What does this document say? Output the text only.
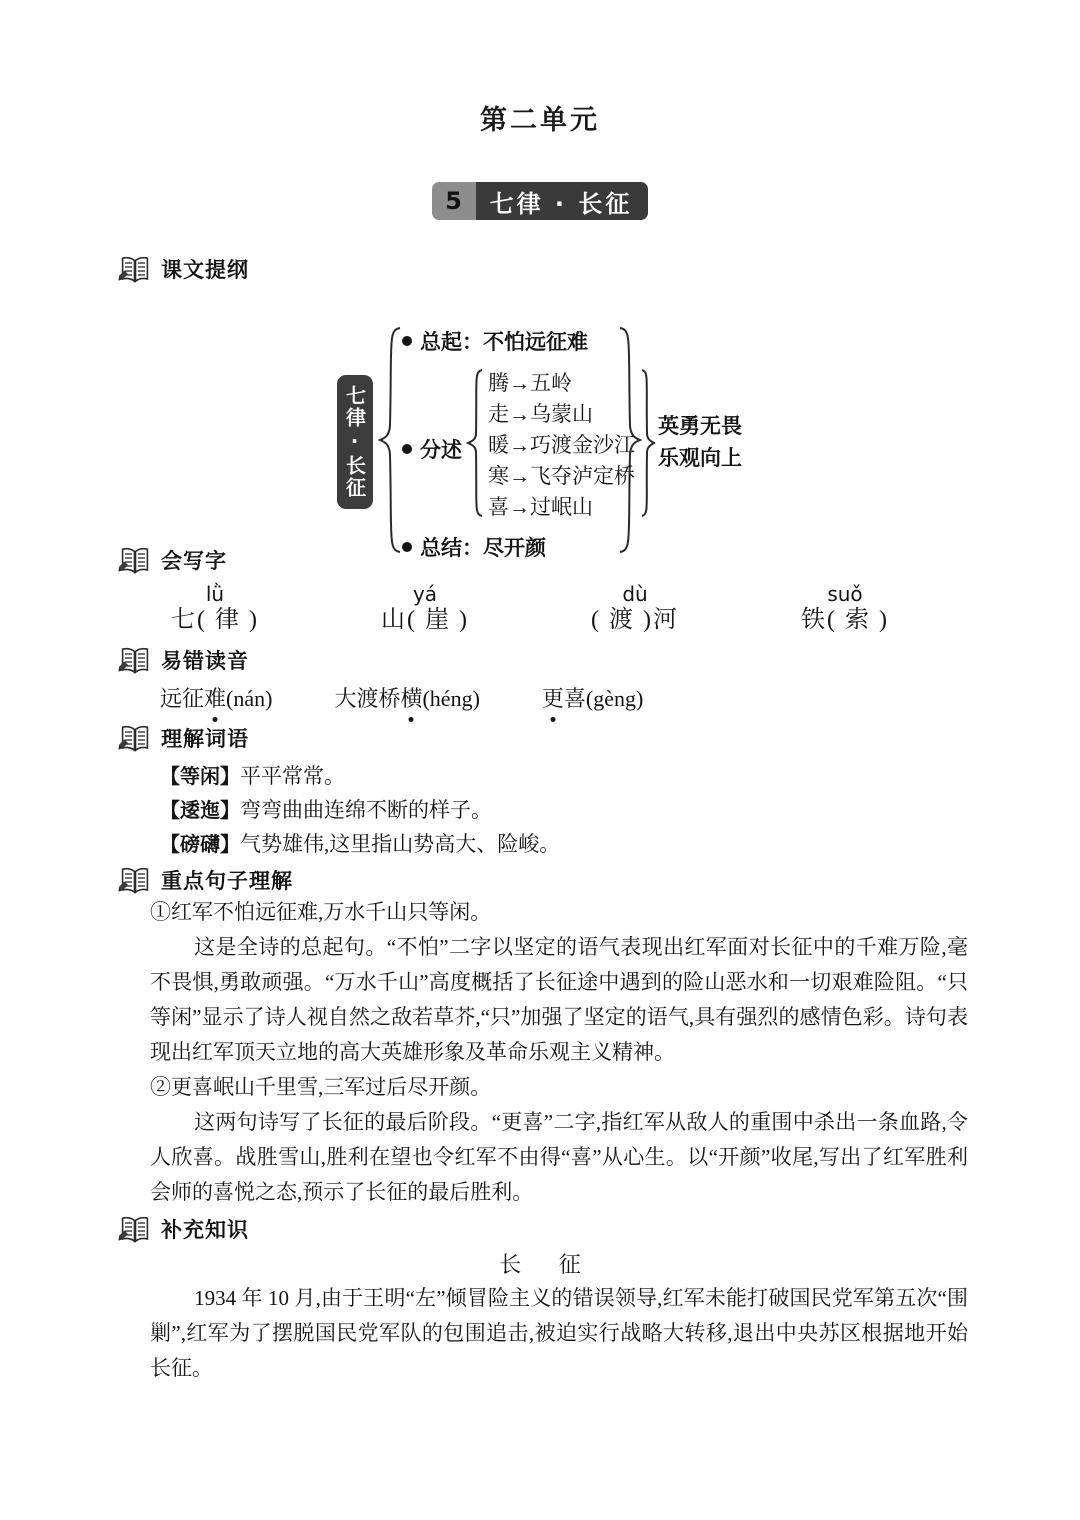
第二单元
5	七律 · 长征
课文提纲
七律·长征
总起：不怕远征难
分述
总结：尽开颜
腾→五岭
走→乌蒙山
暖→巧渡金沙江
寒→飞夺泸定桥
喜→过岷山
英勇无畏
乐观向上
会写字
lǜ
七( 律 )
yá
山( 崖 )
dù
( 渡 )河
suǒ
铁( 索 )
易错读音
远征难(nán)	大渡桥横(héng)	更喜(gèng)
理解词语
【等闲】平平常常。
【逶迤】弯弯曲曲连绵不断的样子。
【磅礴】气势雄伟,这里指山势高大、险峻。
重点句子理解
①红军不怕远征难,万水千山只等闲。
这是全诗的总起句。“不怕”二字以坚定的语气表现出红军面对长征中的千难万险,毫不畏惧,勇敢顽强。“万水千山”高度概括了长征途中遇到的险山恶水和一切艰难险阻。“只等闲”显示了诗人视自然之敌若草芥,“只”加强了坚定的语气,具有强烈的感情色彩。诗句表现出红军顶天立地的高大英雄形象及革命乐观主义精神。
②更喜岷山千里雪,三军过后尽开颜。
这两句诗写了长征的最后阶段。“更喜”二字,指红军从敌人的重围中杀出一条血路,令人欣喜。战胜雪山,胜利在望也令红军不由得“喜”从心生。以“开颜”收尾,写出了红军胜利会师的喜悦之态,预示了长征的最后胜利。
补充知识
长 征
1934 年 10 月,由于王明“左”倾冒险主义的错误领导,红军未能打破国民党军第五次“围剿”,红军为了摆脱国民党军队的包围追击,被迫实行战略大转移,退出中央苏区根据地开始长征。
